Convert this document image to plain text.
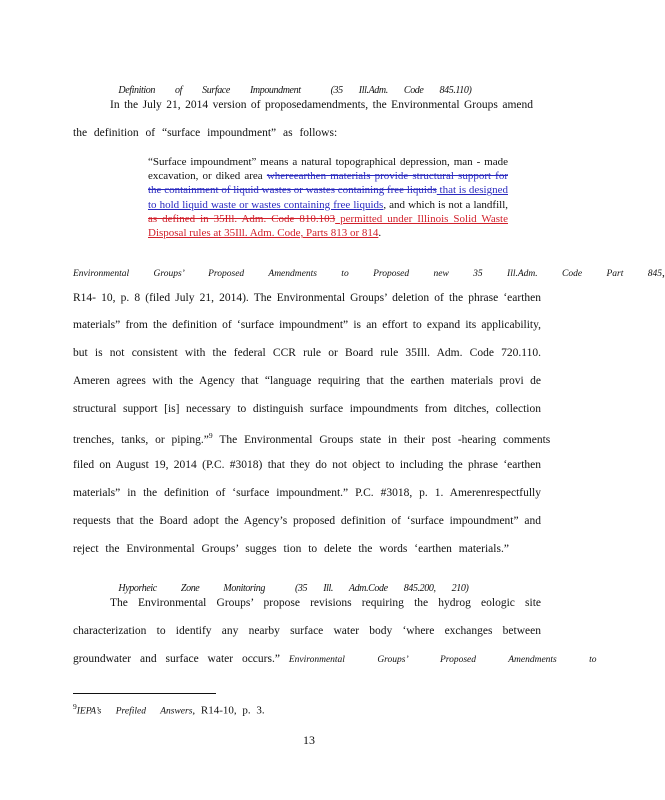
Definition of Surface Impoundment	(35 Ill.Adm. Code 845.110)

In the July 21, 2014 version of proposedamendments, the Environmental Groups amend
the definition of “surface impoundment” as follows:
“Surface impoundment” means a natural topographical depression, man - made excavation, or diked area whereearthen materials provide structural support for the containment of liquid wastes or wastes containing free liquids that is designed to hold liquid waste or wastes containing free liquids, and which is not a landfill, as defined in 35Ill. Adm. Code 810.103 permitted under Illinois Solid Waste Disposal rules at 35Ill. Adm. Code, Parts 813 or 814.
Environmental Groups’ Proposed Amendments to Proposed new 35 Ill.Adm. Code Part 845,
R14- 10, p. 8 (filed July 21, 2014). The Environmental Groups’ deletion of the phrase ‘earthen
materials” from the definition of ‘surface impoundment” is an effort to expand its applicability,
but is not consistent with the federal CCR rule or Board rule 35Ill. Adm. Code 720.110.
Ameren agrees with the Agency that “language requiring that the earthen materials provi de
structural support [is] necessary to distinguish surface impoundments from ditches, collection
trenches, tanks, or piping.”$^9$ The Environmental Groups state in their post -hearing comments
filed on August 19, 2014 (P.C. #3018) that they do not object to including the phrase ‘earthen
materials” in the definition of ‘surface impoundment.” P.C. #3018, p. 1. Amerenrespectfully
requests that the Board adopt the Agency’s proposed definition of ‘surface impoundment” and
reject the Environmental Groups’ sugges tion to delete the words ‘earthen materials.”

Hyporheic Zone Monitoring	(35 Ill. Adm.Code 845.200, 210)

The Environmental Groups’ propose revisions requiring the hydrog eologic site
characterization to identify any nearby surface water body ‘where exchanges between
groundwater and surface water occurs.” Environmental Groups’ Proposed Amendments to
$^9$IEPA’s Prefiled Answers, R14-10, p. 3.
13
